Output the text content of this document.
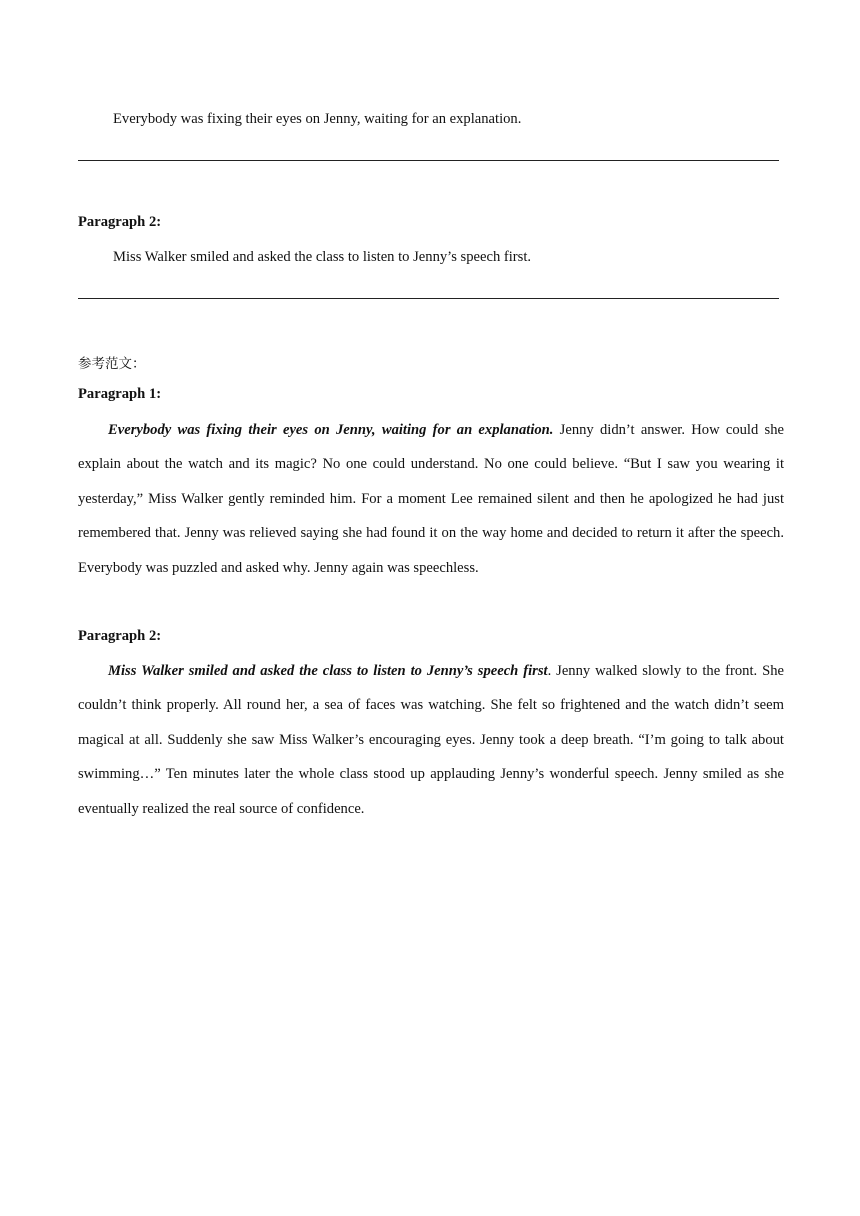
Everybody was fixing their eyes on Jenny, waiting for an explanation.
Paragraph 2:
Miss Walker smiled and asked the class to listen to Jenny’s speech first.
参考范文：
Paragraph 1:

Everybody was fixing their eyes on Jenny, waiting for an explanation. Jenny didn’t answer. How could she explain about the watch and its magic? No one could understand. No one could believe. “But I saw you wearing it yesterday,” Miss Walker gently reminded him. For a moment Lee remained silent and then he apologized he had just remembered that. Jenny was relieved saying she had found it on the way home and decided to return it after the speech. Everybody was puzzled and asked why. Jenny again was speechless.

Paragraph 2:

Miss Walker smiled and asked the class to listen to Jenny’s speech first. Jenny walked slowly to the front. She couldn’t think properly. All round her, a sea of faces was watching. She felt so frightened and the watch didn’t seem magical at all. Suddenly she saw Miss Walker’s encouraging eyes. Jenny took a deep breath. “I’m going to talk about swimming…” Ten minutes later the whole class stood up applauding Jenny’s wonderful speech. Jenny smiled as she eventually realized the real source of confidence.
